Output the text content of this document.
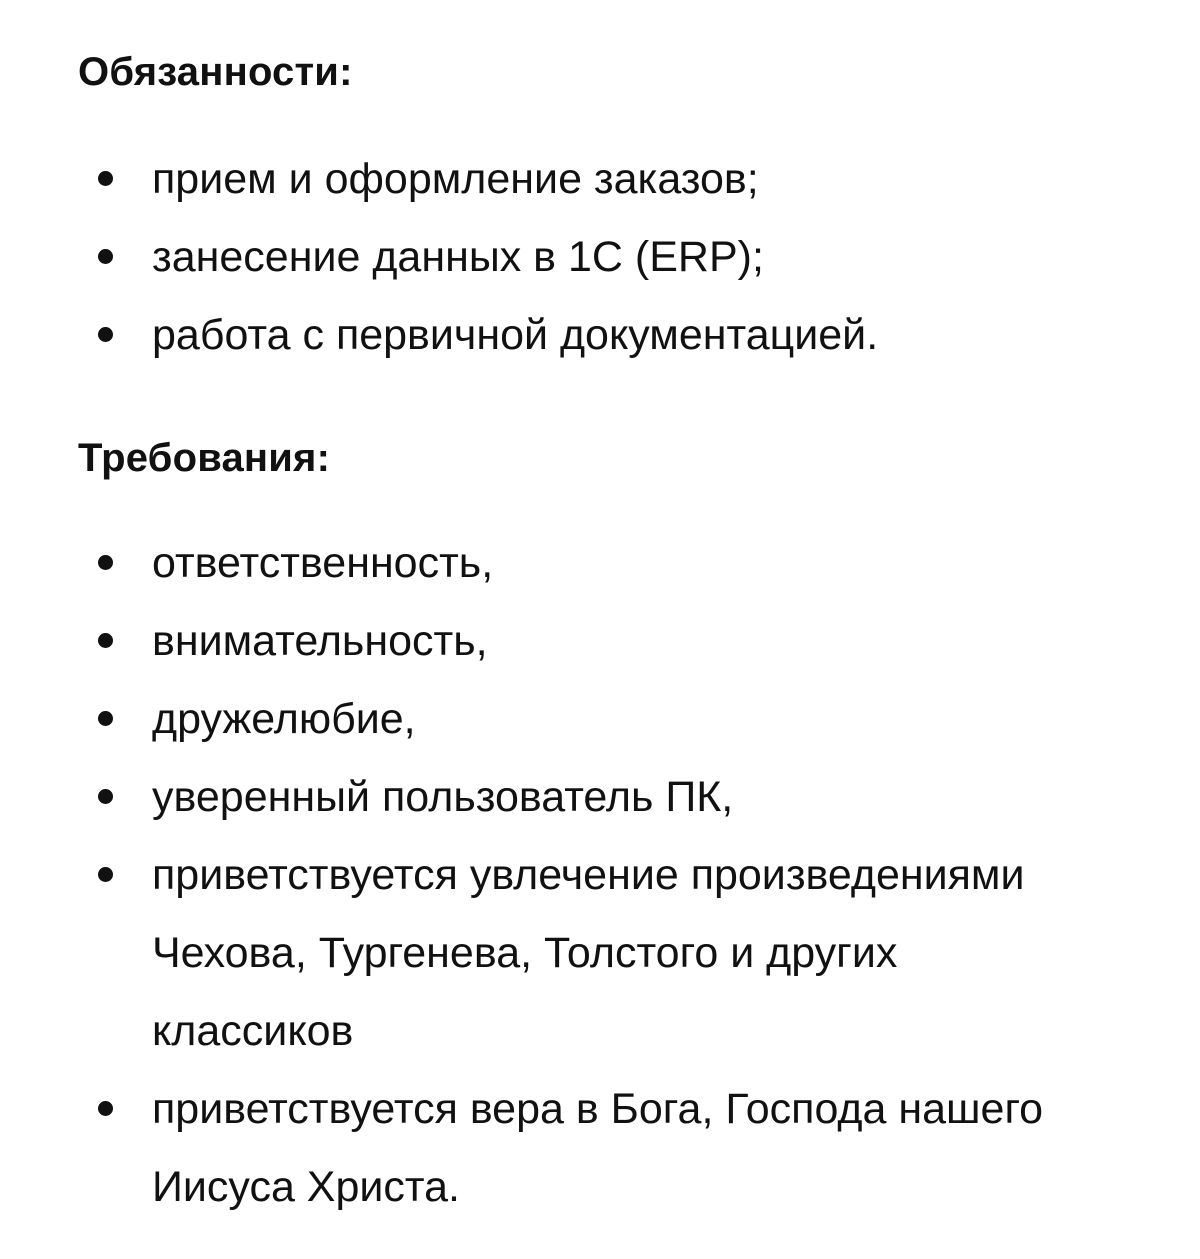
Обязанности:
прием и оформление заказов;
занесение данных в 1С (ERP);
работа с первичной документацией.
Требования:
ответственность,
внимательность,
дружелюбие,
уверенный пользователь ПК,
приветствуется увлечение произведениями Чехова, Тургенева, Толстого и других классиков
приветствуется вера в Бога, Господа нашего Иисуса Христа.
